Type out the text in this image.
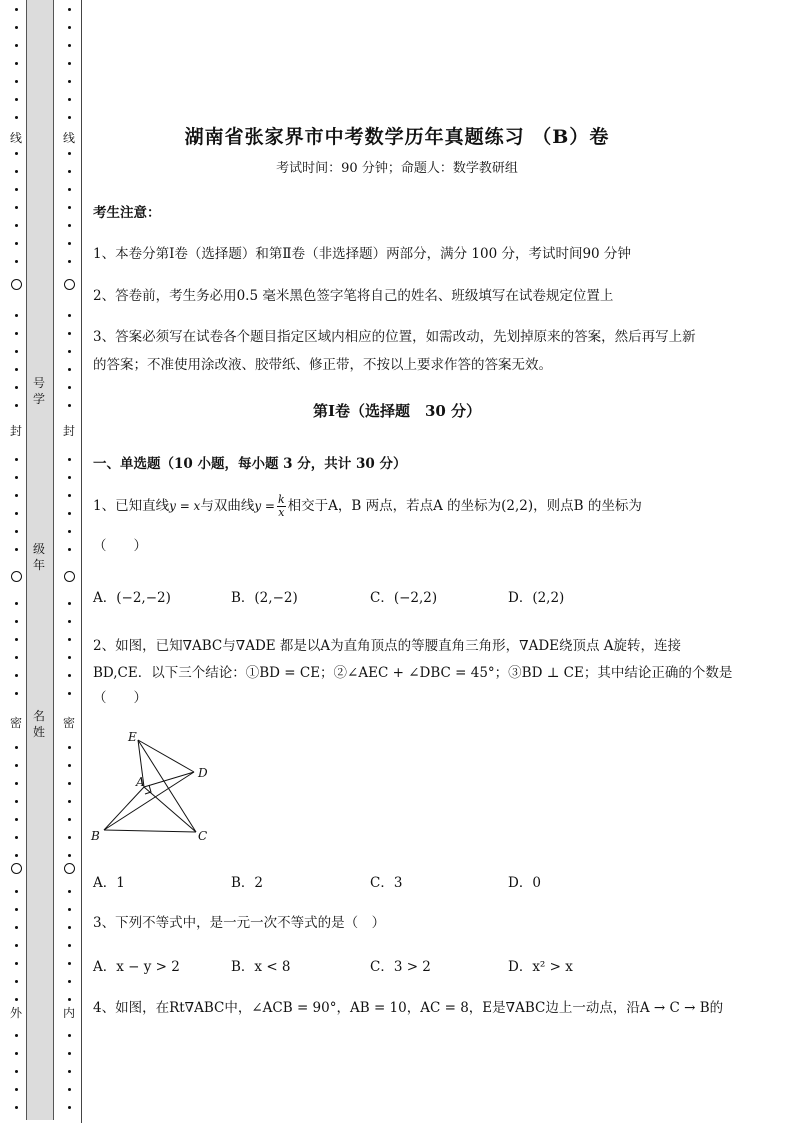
线
封
密
外
线
封
密
内
号学
级年
名姓
湖南省张家界市中考数学历年真题练习 （B）卷
考试时间：90 分钟；命题人：数学教研组
考生注意：
1、本卷分第Ⅰ卷（选择题）和第Ⅱ卷（非选择题）两部分，满分 100 分，考试时间90 分钟
2、答卷前，考生务必用0.5 毫米黑色签字笔将自己的姓名、班级填写在试卷规定位置上
3、答案必须写在试卷各个题目指定区域内相应的位置，如需改动，先划掉原来的答案，然后再写上新
的答案；不准使用涂改液、胶带纸、修正带，不按以上要求作答的答案无效。
第Ⅰ卷（选择题　30 分）
一、单选题（10 小题，每小题 3 分，共计 30 分）
1、已知直线y = x与双曲线$y = \frac{k}{x}$ 相交于A，B 两点，若点A 的坐标为(2,2)，则点B 的坐标为
（　　）
A．(−2,−2)	B．(2,−2)	C．(−2,2)	D．(2,2)
2、如图，已知∇ABC与∇ADE 都是以A为直角顶点的等腰直角三角形，∇ADE绕顶点 A旋转，连接
BD,CE．以下三个结论：①BD = CE；②∠AEC + ∠DBC = 45°；③BD ⊥ CE；其中结论正确的个数是
（　　）
E
A
D
B	C
A．1	B．2	C．3	D．0
3、下列不等式中，是一元一次不等式的是（　）
A．x − y > 2	B．x < 8	C．3 > 2	D．x² > x
4、如图，在Rt∇ABC中，∠ACB = 90°，AB = 10，AC = 8，E是∇ABC边上一动点，沿A → C → B的
